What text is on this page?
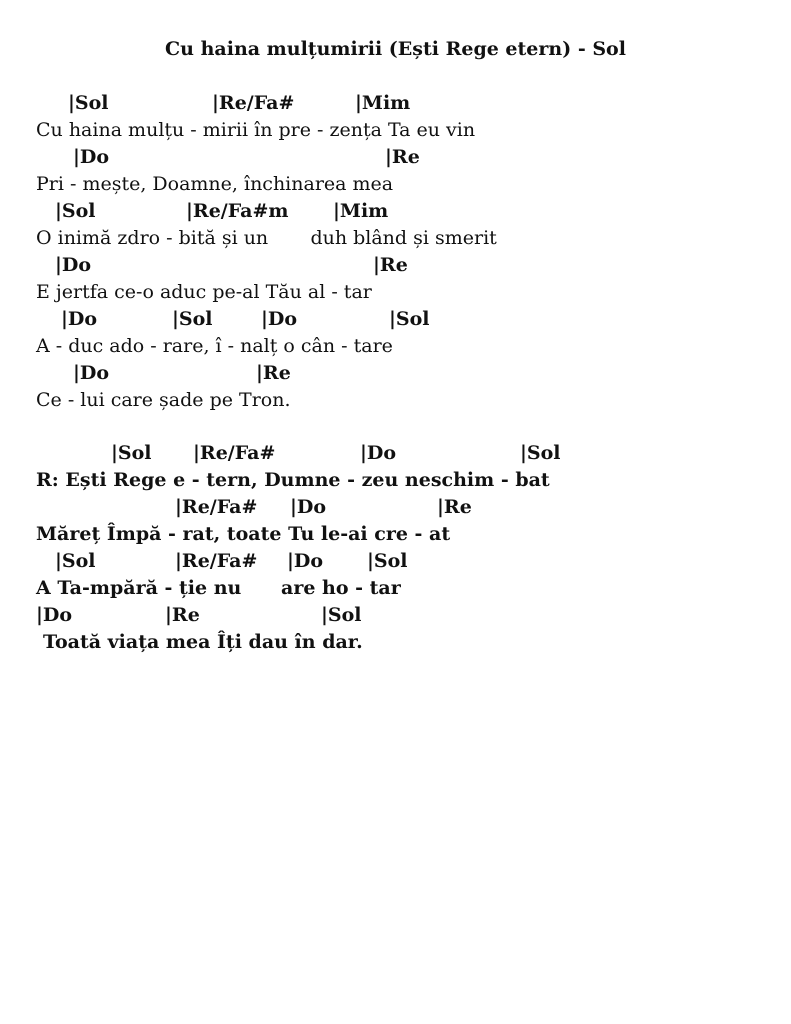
Cu haina mulțumirii (Ești Rege etern) - Sol
|Sol	|Re/Fa#	|Mim
Cu haina mulțu - mirii în pre - zența Ta eu vin
|Do	|Re
Pri - mește, Doamne, închinarea mea
|Sol	|Re/Fa#m |Mim
O inimă zdro - bită și un       duh blând și smerit
|Do	|Re
E jertfa ce-o aduc pe-al Tău al - tar
|Do	|Sol	|Do	|Sol
A - duc ado - rare, î - nalț o cân - tare
|Do	|Re
Ce - lui care șade pe Tron.
|Sol |Re/Fa#	|Do	|Sol
R: Ești Rege e - tern, Dumne - zeu neschim - bat
|Re/Fa# |Do	|Re
Măreț Împă - rat, toate Tu le-ai cre - at
|Sol	|Re/Fa# |Do |Sol
A Ta-mpără - ție nu      are ho - tar
|Do	|Re	|Sol
Toată viața mea Îți dau în dar.
